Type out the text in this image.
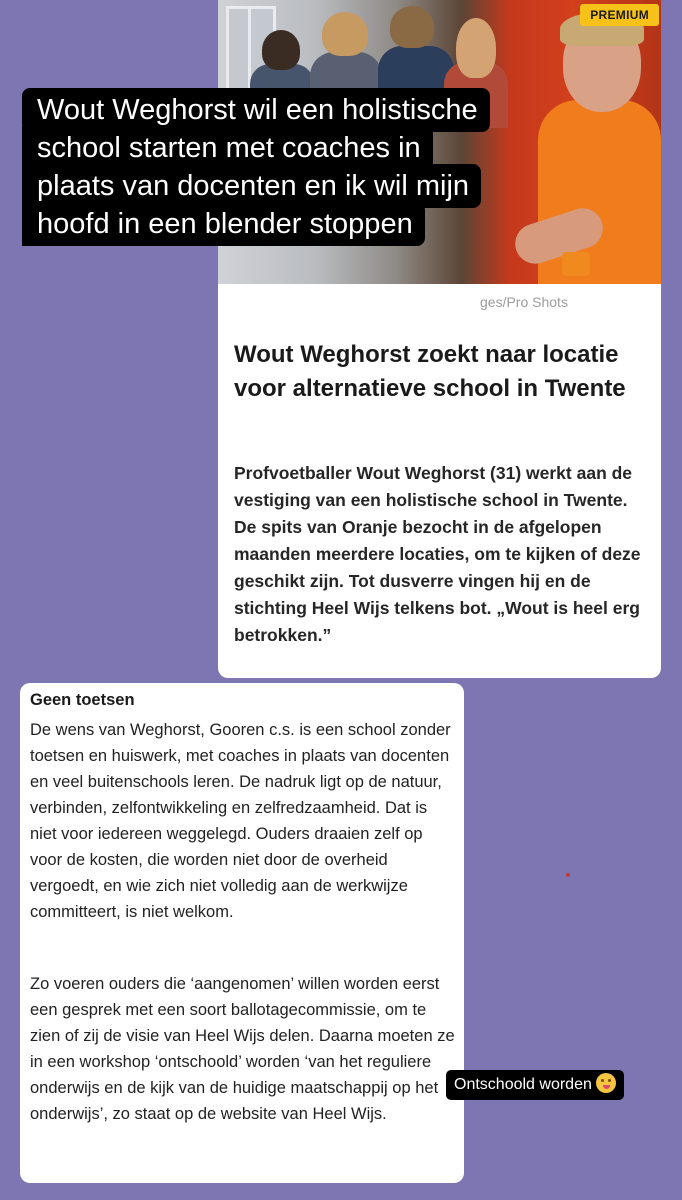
PREMIUM
ges/Pro Shots
Wout Weghorst zoekt naar locatie voor alternatieve school in Twente

Profvoetballer Wout Weghorst (31) werkt aan de vestiging van een holistische school in Twente. De spits van Oranje bezocht in de afgelopen maanden meerdere locaties, om te kijken of deze geschikt zijn. Tot dusverre vingen hij en de stichting Heel Wijs telkens bot. „Wout is heel erg betrokken.”

Wout Weghorst wil een holistische
school starten met coaches in
plaats van docenten en ik wil mijn
hoofd in een blender stoppen
Geen toetsen

De wens van Weghorst, Gooren c.s. is een school zonder toetsen en huiswerk, met coaches in plaats van docenten en veel buitenschools leren. De nadruk ligt op de natuur, verbinden, zelfontwikkeling en zelfredzaamheid. Dat is niet voor iedereen weggelegd. Ouders draaien zelf op voor de kosten, die worden niet door de overheid vergoedt, en wie zich niet volledig aan de werkwijze committeert, is niet welkom.

Zo voeren ouders die ‘aangenomen’ willen worden eerst een gesprek met een soort ballotagecommissie, om te zien of zij de visie van Heel Wijs delen. Daarna moeten ze in een workshop ‘ontschoold’ worden ‘van het reguliere onderwijs en de kijk van de huidige maatschappij op het onderwijs’, zo staat op de website van Heel Wijs.

Ontschoold worden
